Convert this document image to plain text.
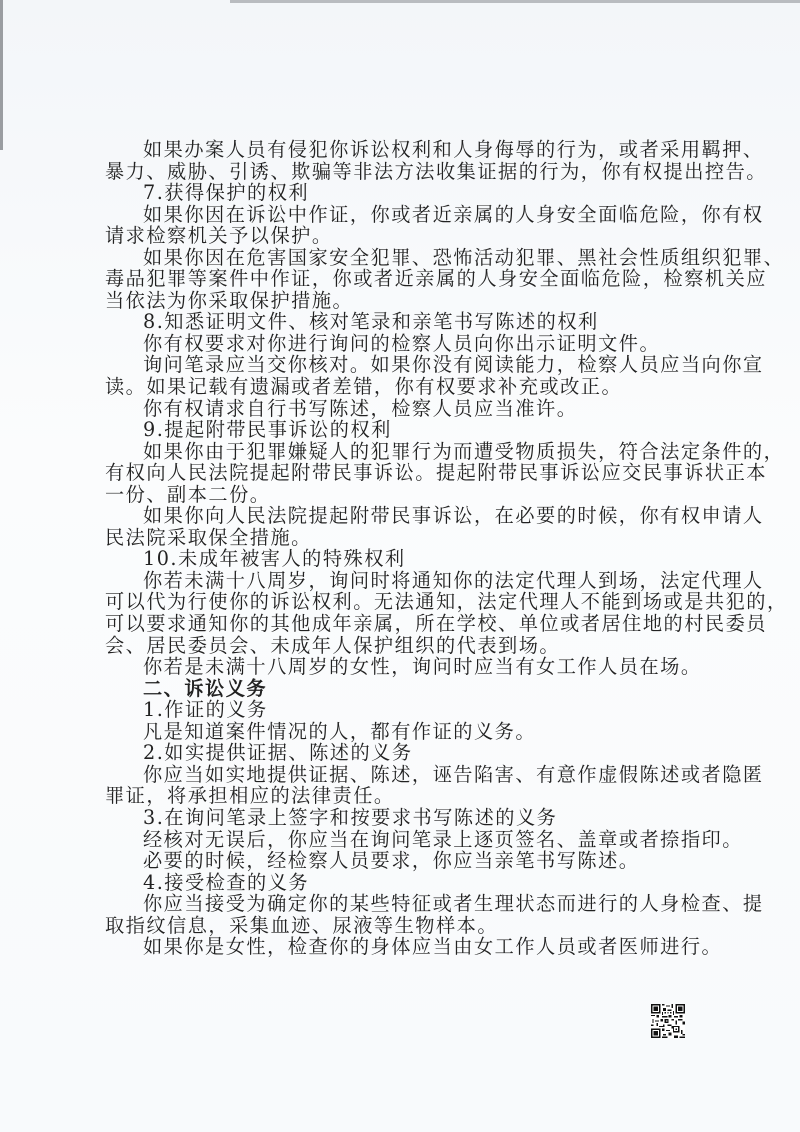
如果办案人员有侵犯你诉讼权利和人身侮辱的行为，或者采用羁押、
暴力、威胁、引诱、欺骗等非法方法收集证据的行为，你有权提出控告。
7.获得保护的权利
如果你因在诉讼中作证，你或者近亲属的人身安全面临危险，你有权
请求检察机关予以保护。
如果你因在危害国家安全犯罪、恐怖活动犯罪、黑社会性质组织犯罪、
毒品犯罪等案件中作证，你或者近亲属的人身安全面临危险，检察机关应
当依法为你采取保护措施。
8.知悉证明文件、核对笔录和亲笔书写陈述的权利
你有权要求对你进行询问的检察人员向你出示证明文件。
询问笔录应当交你核对。如果你没有阅读能力，检察人员应当向你宣
读。如果记载有遗漏或者差错，你有权要求补充或改正。
你有权请求自行书写陈述，检察人员应当准许。
9.提起附带民事诉讼的权利
如果你由于犯罪嫌疑人的犯罪行为而遭受物质损失，符合法定条件的，
有权向人民法院提起附带民事诉讼。提起附带民事诉讼应交民事诉状正本
一份、副本二份。
如果你向人民法院提起附带民事诉讼，在必要的时候，你有权申请人
民法院采取保全措施。
10.未成年被害人的特殊权利
你若未满十八周岁，询问时将通知你的法定代理人到场，法定代理人
可以代为行使你的诉讼权利。无法通知，法定代理人不能到场或是共犯的，
可以要求通知你的其他成年亲属，所在学校、单位或者居住地的村民委员
会、居民委员会、未成年人保护组织的代表到场。
你若是未满十八周岁的女性，询问时应当有女工作人员在场。
二、诉讼义务
1.作证的义务
凡是知道案件情况的人，都有作证的义务。
2.如实提供证据、陈述的义务
你应当如实地提供证据、陈述，诬告陷害、有意作虚假陈述或者隐匿
罪证，将承担相应的法律责任。
3.在询问笔录上签字和按要求书写陈述的义务
经核对无误后，你应当在询问笔录上逐页签名、盖章或者捺指印。
必要的时候，经检察人员要求，你应当亲笔书写陈述。
4.接受检查的义务
你应当接受为确定你的某些特征或者生理状态而进行的人身检查、提
取指纹信息，采集血迹、尿液等生物样本。
如果你是女性，检查你的身体应当由女工作人员或者医师进行。
